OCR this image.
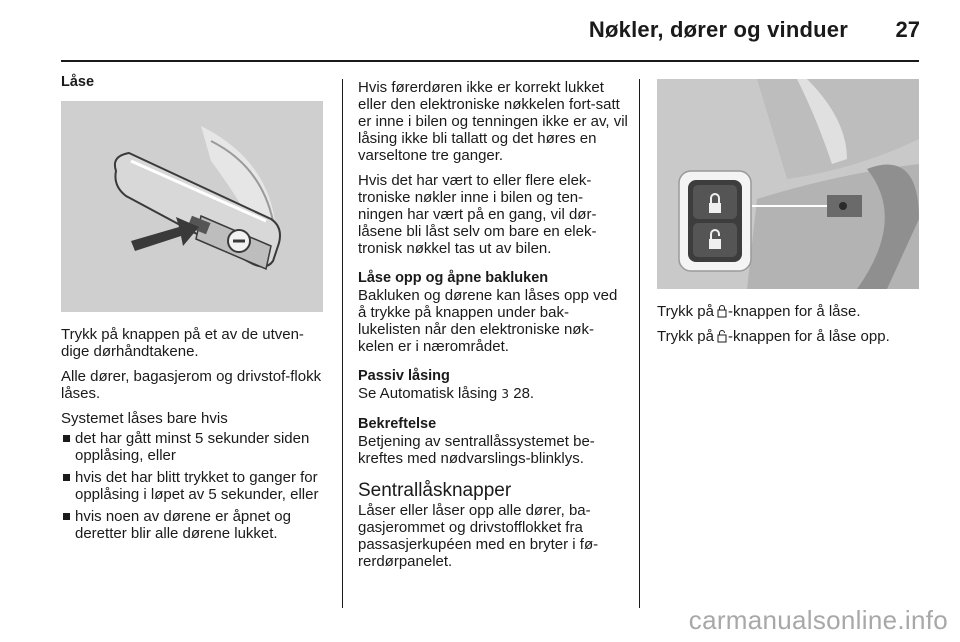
Nøkler, dører og vinduer 27
Låse

Trykk på knappen på et av de utven-dige dørhåndtakene.

Alle dører, bagasjerom og drivstof-flokk låses.

Systemet låses bare hvis

det har gått minst 5 sekunder siden opplåsing, eller
hvis det har blitt trykket to ganger for opplåsing i løpet av 5 sekunder, eller
hvis noen av dørene er åpnet og deretter blir alle dørene lukket.

Hvis førerdøren ikke er korrekt lukket eller den elektroniske nøkkelen fort-satt er inne i bilen og tenningen ikke er av, vil låsing ikke bli tallatt og det høres en varseltone tre ganger.

Hvis det har vært to eller flere elek-troniske nøkler inne i bilen og ten-ningen har vært på en gang, vil dør-låsene bli låst selv om bare en elek-tronisk nøkkel tas ut av bilen.

Låse opp og åpne bakluken

Bakluken og dørene kan låses opp ved å trykke på knappen under bak-lukelisten når den elektroniske nøk-kelen er i nærområdet.

Passiv låsing

Se Automatisk låsing 3 28.

Bekreftelse

Betjening av sentrallåssystemet be-kreftes med nødvarslings-blinklys.

Sentrallåsknapper

Låser eller låser opp alle dører, ba-gasjerommet og drivstofflokket fra passasjerkupéen med en bryter i fø-rerdørpanelet.

Trykk på -knappen for å låse.

Trykk på -knappen for å låse opp.

carmanualsonline.info
